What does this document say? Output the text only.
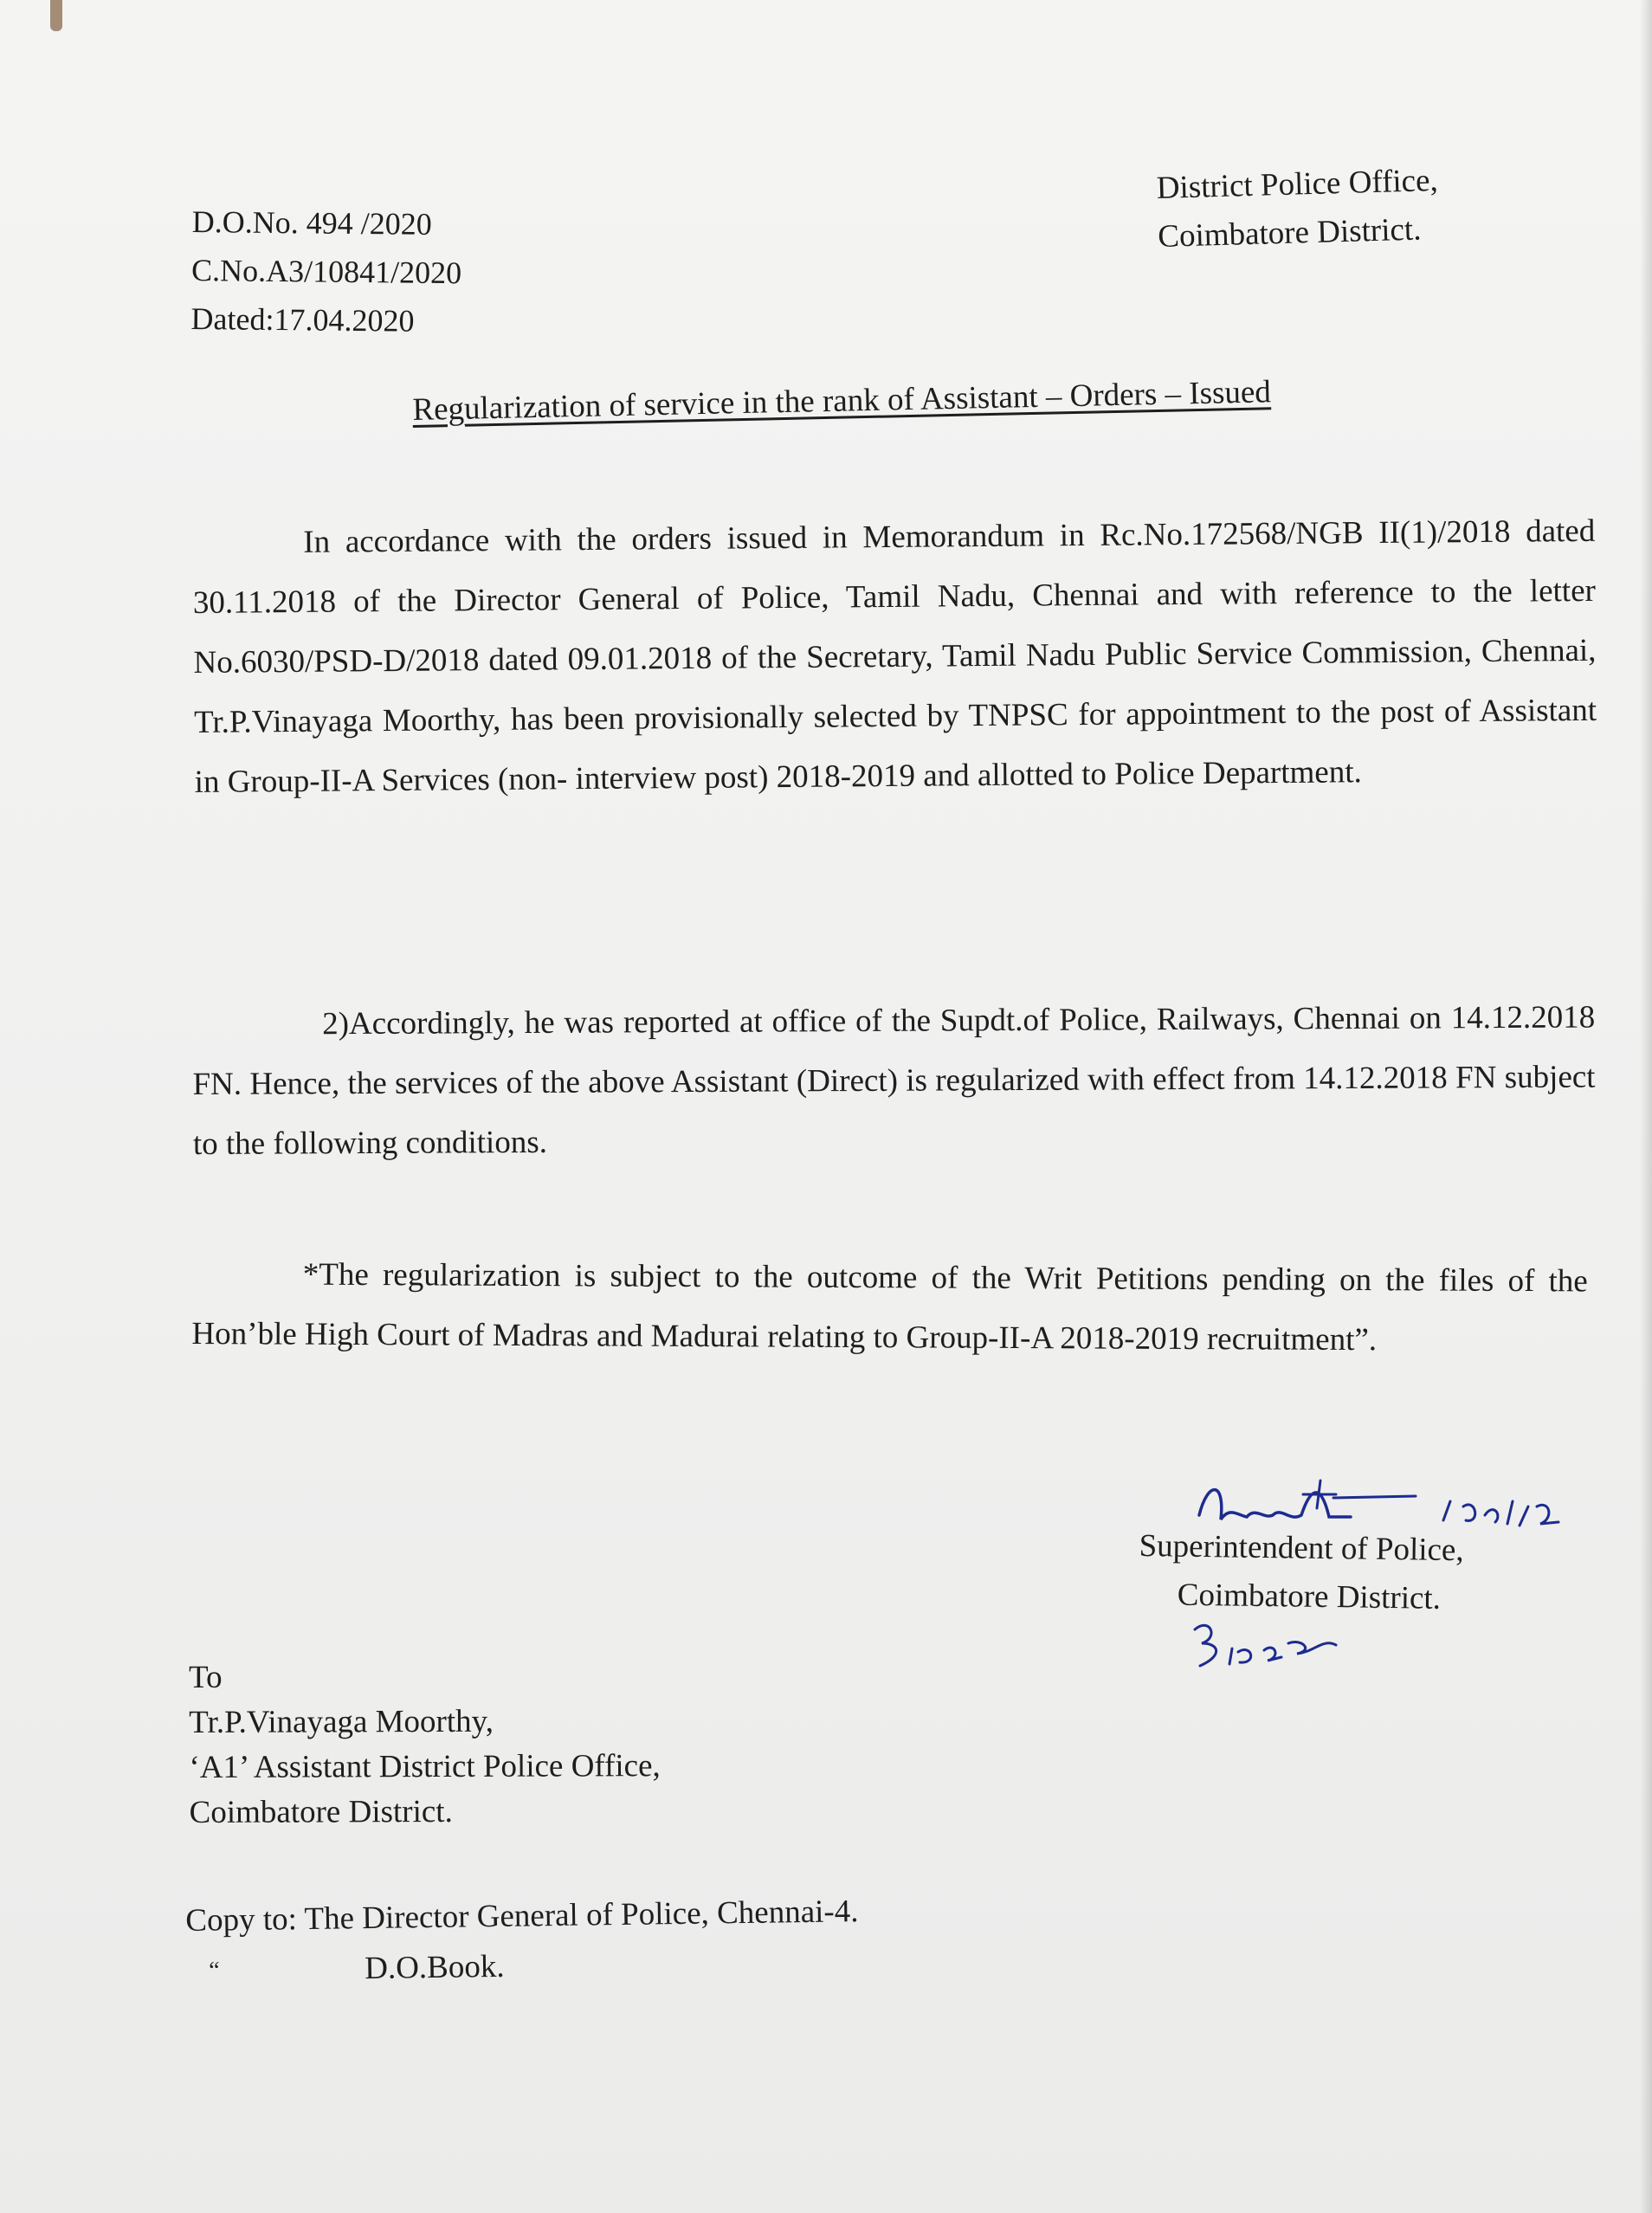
D.O.No. 494 /2020
C.No.A3/10841/2020
Dated:17.04.2020
District Police Office,
Coimbatore District.
Regularization of service in the rank of Assistant – Orders – Issued

In accordance with the orders issued in Memorandum in Rc.No.172568/NGB II(1)/2018 dated 30.11.2018 of the Director General of Police, Tamil Nadu, Chennai and with reference to the letter No.6030/PSD-D/2018 dated 09.01.2018 of the Secretary, Tamil Nadu Public Service Commission, Chennai, Tr.P.Vinayaga Moorthy, has been provisionally selected by TNPSC for appointment to the post of Assistant in Group-II-A Services (non- interview post) 2018-2019 and allotted to Police Department.

2)Accordingly, he was reported at office of the Supdt.of Police, Railways, Chennai on 14.12.2018 FN. Hence, the services of the above Assistant (Direct) is regularized with effect from 14.12.2018 FN subject to the following conditions.

*The regularization is subject to the outcome of the Writ Petitions pending on the files of the Hon’ble High Court of Madras and Madurai relating to Group-II-A 2018-2019 recruitment”.

Superintendent of Police,
Coimbatore District.
To
Tr.P.Vinayaga Moorthy,
‘A1’ Assistant District Police Office,
Coimbatore District.
Copy to: The Director General of Police, Chennai-4.
“	D.O.Book.
